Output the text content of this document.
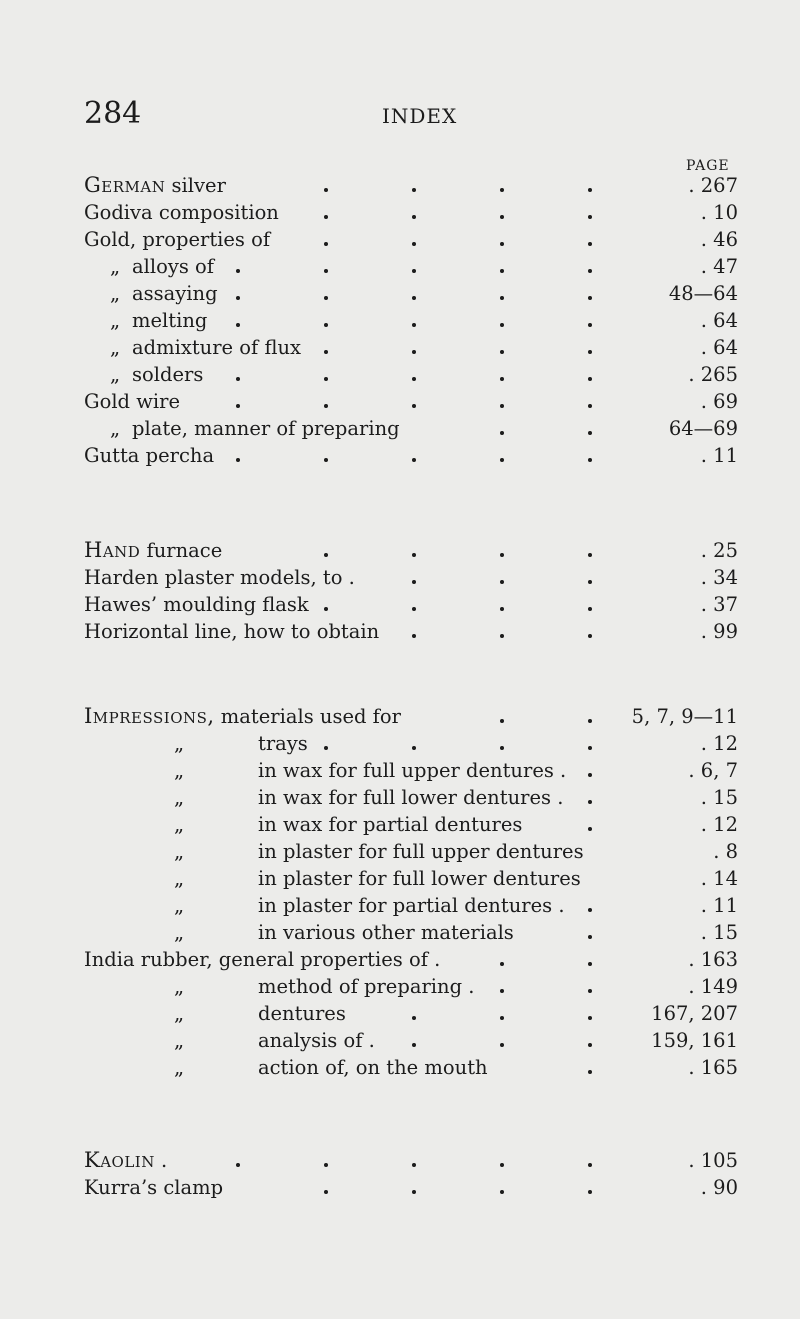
284	INDEX
PAGE
German silver	. 267
Godiva composition	. 10
Gold, properties of	. 46
„ alloys of	. 47
„ assaying	48—64
„ melting	. 64
„ admixture of flux	. 64
„ solders	. 265
Gold wire	. 69
„ plate, manner of preparing	64—69
Gutta percha	. 11
Hand furnace	. 25
Harden plaster models, to .	. 34
Hawes’ moulding flask	. 37
Horizontal line, how to obtain	. 99
Impressions, materials used for	5, 7, 9—11
„	trays	. 12
„	in wax for full upper dentures .	. 6, 7
„	in wax for full lower dentures .	. 15
„	in wax for partial dentures	. 12
„	in plaster for full upper dentures	. 8
„	in plaster for full lower dentures	. 14
„	in plaster for partial dentures .	. 11
„	in various other materials	. 15
India rubber, general properties of .	. 163
„	method of preparing .	. 149
„	dentures	167, 207
„	analysis of .	159, 161
„	action of, on the mouth	. 165
Kaolin .	. 105
Kurra’s clamp	. 90
